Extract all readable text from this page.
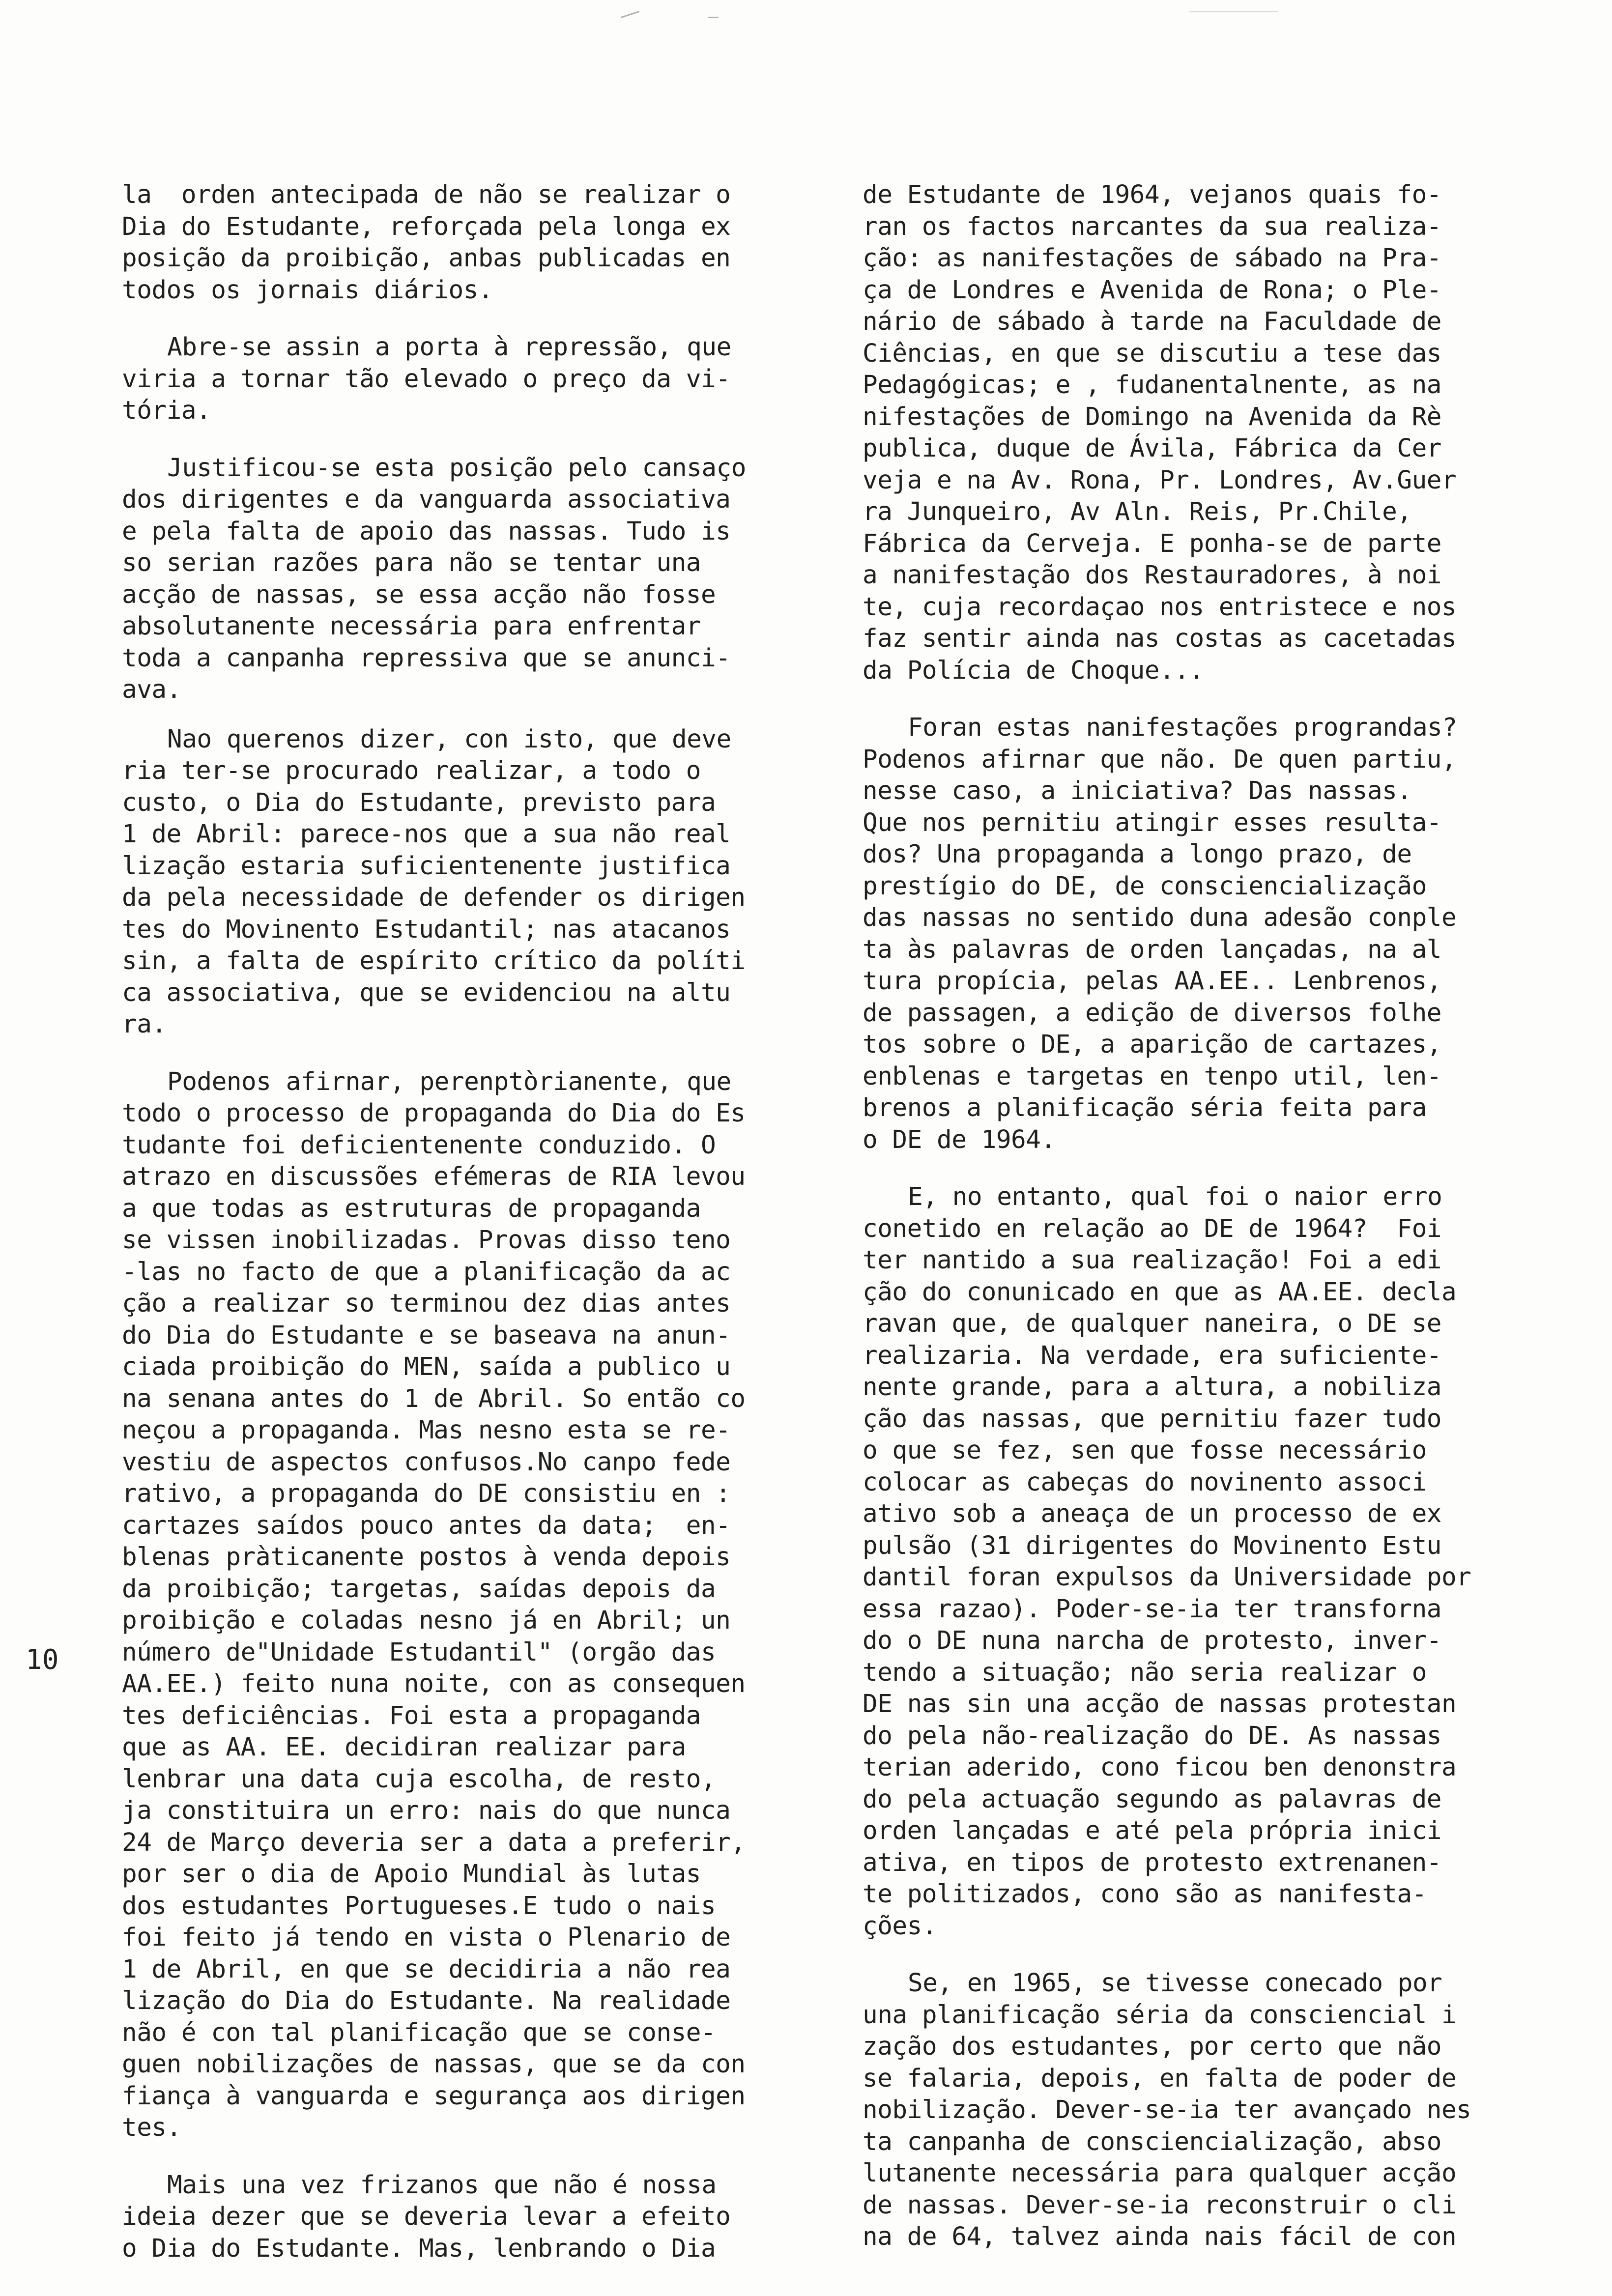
la  orden antecipada de não se realizar o
Dia do Estudante, reforçada pela longa ex
posição da proibição, anbas publicadas en
todos os jornais diários.
Abre-se assin a porta à repressão, que
viria a tornar tão elevado o preço da vi-
tória.
Justificou-se esta posição pelo cansaço
dos dirigentes e da vanguarda associativa
e pela falta de apoio das nassas. Tudo is
so serian razões para não se tentar una
acção de nassas, se essa acção não fosse
absolutanente necessária para enfrentar
toda a canpanha repressiva que se anunci-
ava.
Nao querenos dizer, con isto, que deve
ria ter-se procurado realizar, a todo o
custo, o Dia do Estudante, previsto para
1 de Abril: parece-nos que a sua não real
lização estaria suficientenente justifica
da pela necessidade de defender os dirigen
tes do Movinento Estudantil; nas atacanos
sin, a falta de espírito crítico da políti
ca associativa, que se evidenciou na altu
ra.
Podenos afirnar, perenptòrianente, que
todo o processo de propaganda do Dia do Es
tudante foi deficientenente conduzido. O
atrazo en discussões efémeras de RIA levou
a que todas as estruturas de propaganda
se vissen inobilizadas. Provas disso teno
-las no facto de que a planificação da ac
ção a realizar so terminou dez dias antes
do Dia do Estudante e se baseava na anun-
ciada proibição do MEN, saída a publico u
na senana antes do 1 de Abril. So então co
neçou a propaganda. Mas nesno esta se re-
vestiu de aspectos confusos.No canpo fede
rativo, a propaganda do DE consistiu en :
cartazes saídos pouco antes da data;  en-
blenas pràticanente postos à venda depois
da proibição; targetas, saídas depois da
proibição e coladas nesno já en Abril; un
número de"Unidade Estudantil" (orgão das
AA.EE.) feito nuna noite, con as consequen
tes deficiências. Foi esta a propaganda
que as AA. EE. decidiran realizar para
lenbrar una data cuja escolha, de resto,
ja constituira un erro: nais do que nunca
24 de Março deveria ser a data a preferir,
por ser o dia de Apoio Mundial às lutas
dos estudantes Portugueses.E tudo o nais
foi feito já tendo en vista o Plenario de
1 de Abril, en que se decidiria a não rea
lização do Dia do Estudante. Na realidade
não é con tal planificação que se conse-
guen nobilizações de nassas, que se da con
fiança à vanguarda e segurança aos dirigen
tes.
Mais una vez frizanos que não é nossa
ideia dezer que se deveria levar a efeito
o Dia do Estudante. Mas, lenbrando o Dia
de Estudante de 1964, vejanos quais fo-
ran os factos narcantes da sua realiza-
ção: as nanifestações de sábado na Pra-
ça de Londres e Avenida de Rona; o Ple-
nário de sábado à tarde na Faculdade de
Ciências, en que se discutiu a tese das
Pedagógicas; e , fudanentalnente, as na
nifestações de Domingo na Avenida da Rè
publica, duque de Ávila, Fábrica da Cer
veja e na Av. Rona, Pr. Londres, Av.Guer
ra Junqueiro, Av Aln. Reis, Pr.Chile,
Fábrica da Cerveja. E ponha-se de parte
a nanifestação dos Restauradores, à noi
te, cuja recordaçao nos entristece e nos
faz sentir ainda nas costas as cacetadas
da Polícia de Choque...
Foran estas nanifestações prograndas?
Podenos afirnar que não. De quen partiu,
nesse caso, a iniciativa? Das nassas.
Que nos pernitiu atingir esses resulta-
dos? Una propaganda a longo prazo, de
prestígio do DE, de consciencialização
das nassas no sentido duna adesão conple
ta às palavras de orden lançadas, na al
tura propícia, pelas AA.EE.. Lenbrenos,
de passagen, a edição de diversos folhe
tos sobre o DE, a aparição de cartazes,
enblenas e targetas en tenpo util, len-
brenos a planificação séria feita para
o DE de 1964.
E, no entanto, qual foi o naior erro
conetido en relação ao DE de 1964?  Foi
ter nantido a sua realização! Foi a edi
ção do conunicado en que as AA.EE. decla
ravan que, de qualquer naneira, o DE se
realizaria. Na verdade, era suficiente-
nente grande, para a altura, a nobiliza
ção das nassas, que pernitiu fazer tudo
o que se fez, sen que fosse necessário
colocar as cabeças do novinento associ
ativo sob a aneaça de un processo de ex
pulsão (31 dirigentes do Movinento Estu
dantil foran expulsos da Universidade por
essa razao). Poder-se-ia ter transforna
do o DE nuna narcha de protesto, inver-
tendo a situação; não seria realizar o
DE nas sin una acção de nassas protestan
do pela não-realização do DE. As nassas
terian aderido, cono ficou ben denonstra
do pela actuação segundo as palavras de
orden lançadas e até pela própria inici
ativa, en tipos de protesto extrenanen-
te politizados, cono são as nanifesta-
ções.
Se, en 1965, se tivesse conecado por
una planificação séria da consciencial i
zação dos estudantes, por certo que não
se falaria, depois, en falta de poder de
nobilização. Dever-se-ia ter avançado nes
ta canpanha de consciencialização, abso
lutanente necessária para qualquer acção
de nassas. Dever-se-ia reconstruir o cli
na de 64, talvez ainda nais fácil de con
10
